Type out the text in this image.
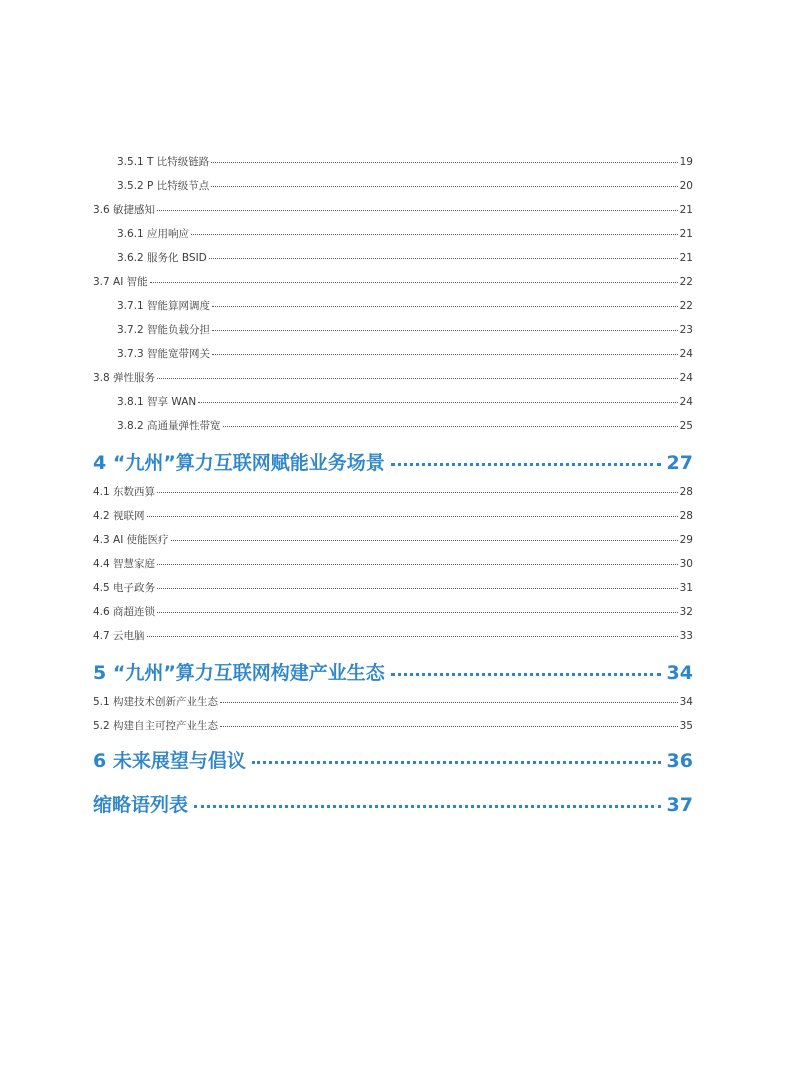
3.5.1 T 比特级链路	19
3.5.2 P 比特级节点	20
3.6 敏捷感知	21
3.6.1 应用响应	21
3.6.2 服务化 BSID	21
3.7 AI 智能	22
3.7.1 智能算网调度	22
3.7.2 智能负载分担	23
3.7.3 智能宽带网关	24
3.8 弹性服务	24
3.8.1 智享 WAN	24
3.8.2 高通量弹性带宽	25
4 “九州”算力互联网赋能业务场景	27
4.1 东数西算	28
4.2 视联网	28
4.3 AI 使能医疗	29
4.4 智慧家庭	30
4.5 电子政务	31
4.6 商超连锁	32
4.7 云电脑	33
5 “九州”算力互联网构建产业生态	34
5.1 构建技术创新产业生态	34
5.2 构建自主可控产业生态	35
6 未来展望与倡议	36
缩略语列表	37
